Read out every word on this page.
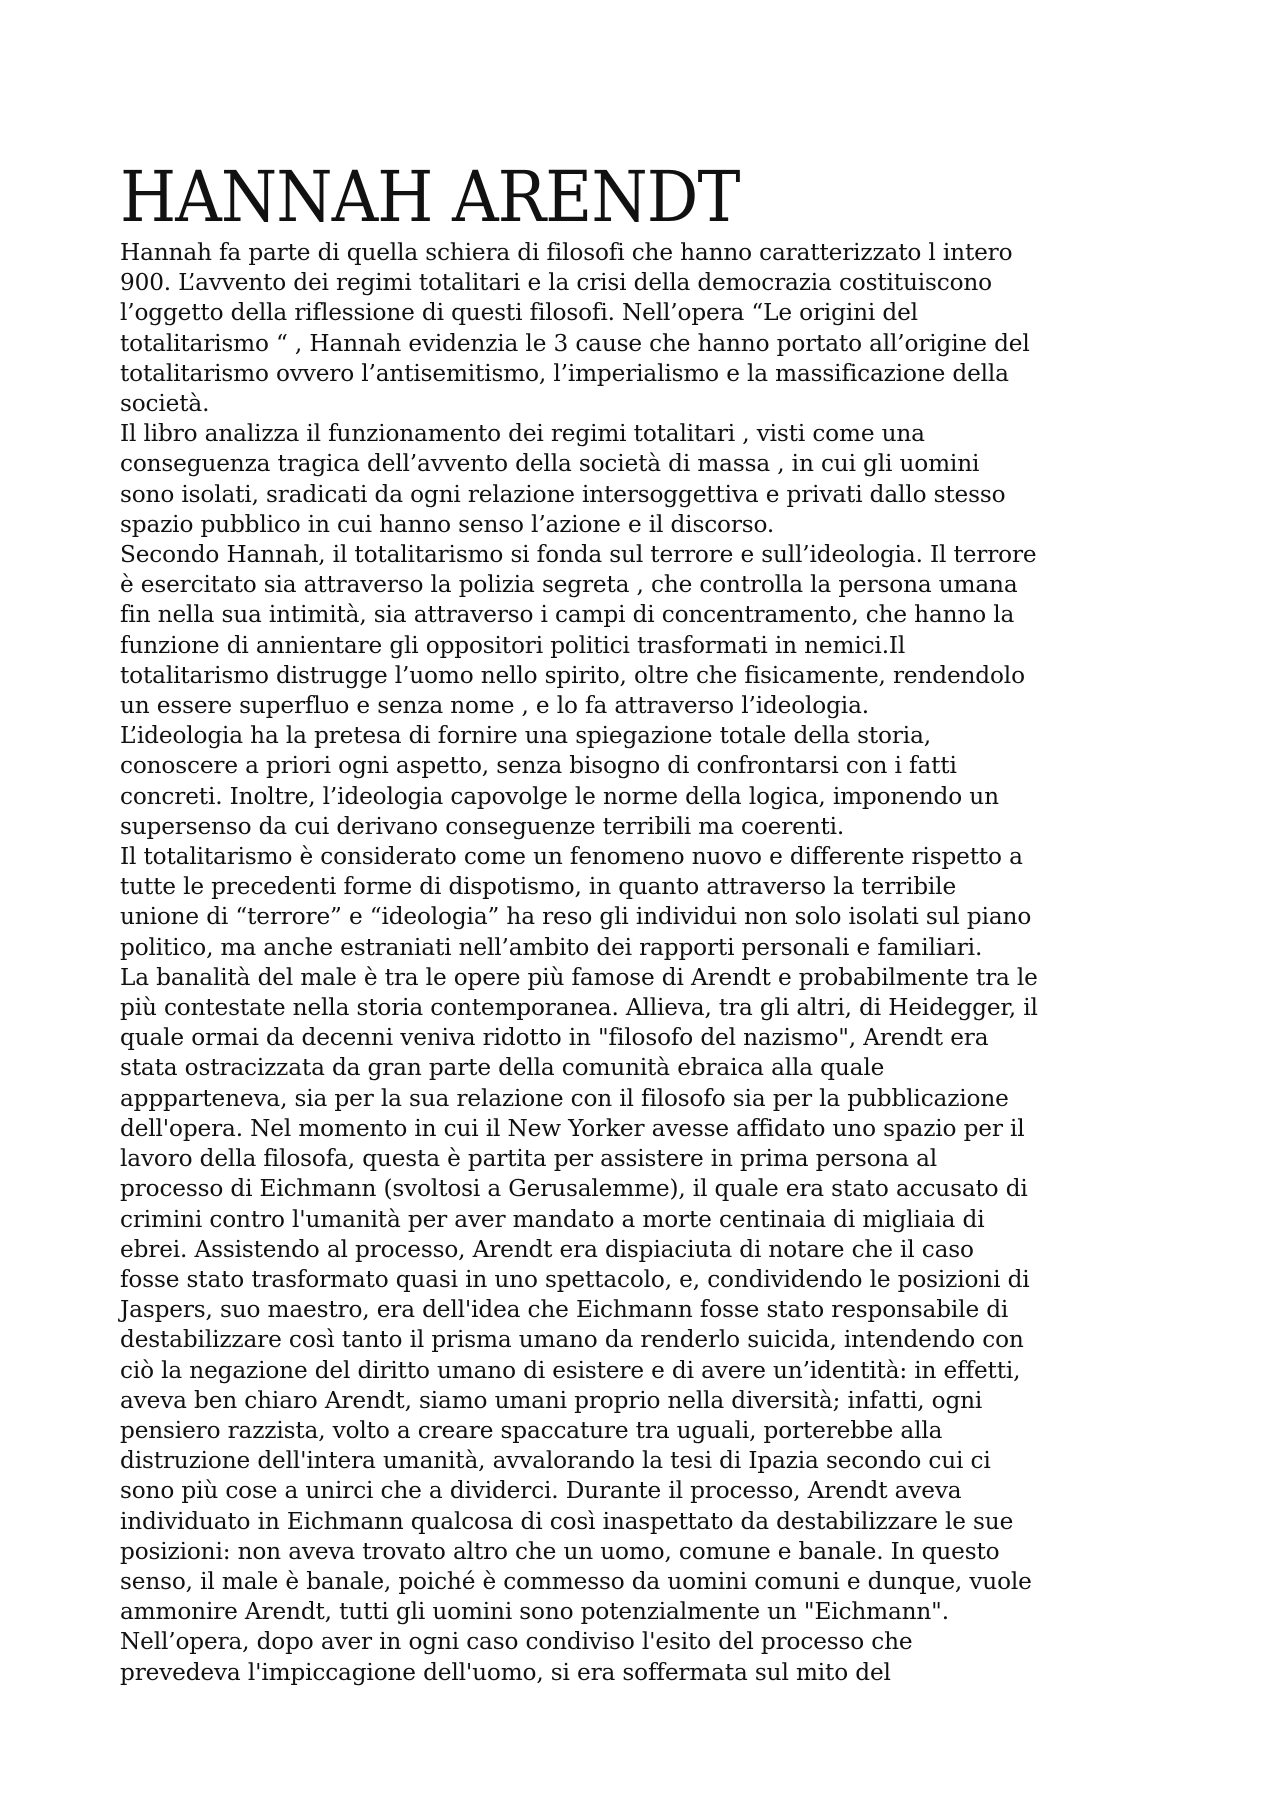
HANNAH ARENDT

Hannah fa parte di quella schiera di filosofi che hanno caratterizzato l intero
900. L’avvento dei regimi totalitari e la crisi della democrazia costituiscono
l’oggetto della riflessione di questi filosofi. Nell’opera “Le origini del
totalitarismo “ , Hannah evidenzia le 3 cause che hanno portato all’origine del
totalitarismo ovvero l’antisemitismo, l’imperialismo e la massificazione della
società.

Il libro analizza il funzionamento dei regimi totalitari , visti come una
conseguenza tragica dell’avvento della società di massa , in cui gli uomini
sono isolati, sradicati da ogni relazione intersoggettiva e privati dallo stesso
spazio pubblico in cui hanno senso l’azione e il discorso.

Secondo Hannah, il totalitarismo si fonda sul terrore e sull’ideologia. Il terrore
è esercitato sia attraverso la polizia segreta , che controlla la persona umana
fin nella sua intimità, sia attraverso i campi di concentramento, che hanno la
funzione di annientare gli oppositori politici trasformati in nemici.Il
totalitarismo distrugge l’uomo nello spirito, oltre che fisicamente, rendendolo
un essere superfluo e senza nome , e lo fa attraverso l’ideologia.

L’ideologia ha la pretesa di fornire una spiegazione totale della storia,
conoscere a priori ogni aspetto, senza bisogno di confrontarsi con i fatti
concreti. Inoltre, l’ideologia capovolge le norme della logica, imponendo un
supersenso da cui derivano conseguenze terribili ma coerenti.

Il totalitarismo è considerato come un fenomeno nuovo e differente rispetto a
tutte le precedenti forme di dispotismo, in quanto attraverso la terribile
unione di “terrore” e “ideologia” ha reso gli individui non solo isolati sul piano
politico, ma anche estraniati nell’ambito dei rapporti personali e familiari.

La banalità del male è tra le opere più famose di Arendt e probabilmente tra le
più contestate nella storia contemporanea. Allieva, tra gli altri, di Heidegger, il
quale ormai da decenni veniva ridotto in "filosofo del nazismo", Arendt era
stata ostracizzata da gran parte della comunità ebraica alla quale
appparteneva, sia per la sua relazione con il filosofo sia per la pubblicazione
dell'opera. Nel momento in cui il New Yorker avesse affidato uno spazio per il
lavoro della filosofa, questa è partita per assistere in prima persona al
processo di Eichmann (svoltosi a Gerusalemme), il quale era stato accusato di
crimini contro l'umanità per aver mandato a morte centinaia di migliaia di
ebrei. Assistendo al processo, Arendt era dispiaciuta di notare che il caso
fosse stato trasformato quasi in uno spettacolo, e, condividendo le posizioni di
Jaspers, suo maestro, era dell'idea che Eichmann fosse stato responsabile di
destabilizzare così tanto il prisma umano da renderlo suicida, intendendo con
ciò la negazione del diritto umano di esistere e di avere un’identità: in effetti,
aveva ben chiaro Arendt, siamo umani proprio nella diversità; infatti, ogni
pensiero razzista, volto a creare spaccature tra uguali, porterebbe alla
distruzione dell'intera umanità, avvalorando la tesi di Ipazia secondo cui ci
sono più cose a unirci che a dividerci. Durante il processo, Arendt aveva
individuato in Eichmann qualcosa di così inaspettato da destabilizzare le sue
posizioni: non aveva trovato altro che un uomo, comune e banale. In questo
senso, il male è banale, poiché è commesso da uomini comuni e dunque, vuole
ammonire Arendt, tutti gli uomini sono potenzialmente un "Eichmann".

Nell’opera, dopo aver in ogni caso condiviso l'esito del processo che
prevedeva l'impiccagione dell'uomo, si era soffermata sul mito del
